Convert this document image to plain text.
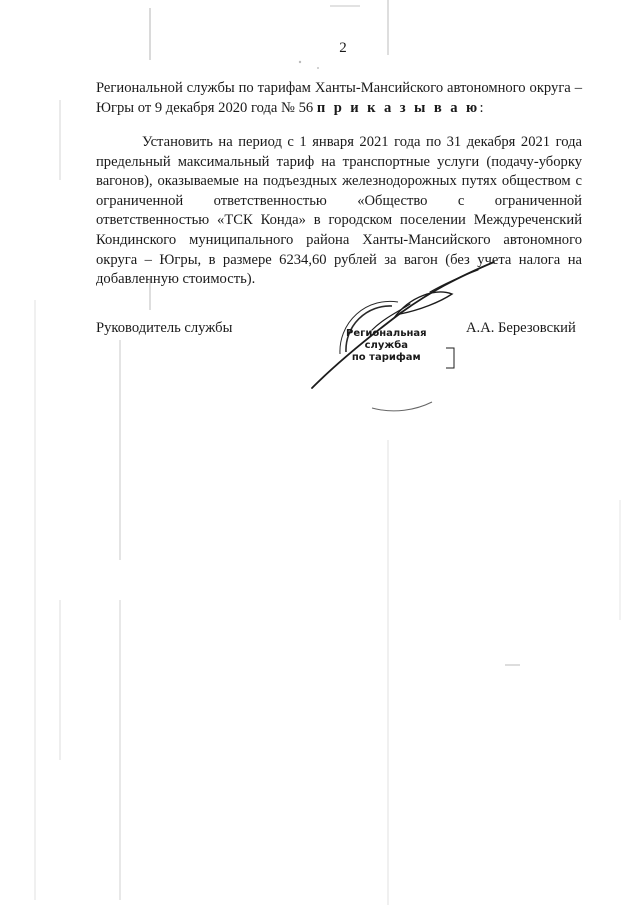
2

Региональной службы по тарифам Ханты-Мансийского автономного округа – Югры от 9 декабря 2020 года № 56 п р и к а з ы в а ю:

Установить на период с 1 января 2021 года по 31 декабря 2021 года предельный максимальный тариф на транспортные услуги (подачу-уборку вагонов), оказываемые на подъездных железнодорожных путях обществом с ограниченной ответственностью «Общество с ограниченной ответственностью «ТСК Конда» в городском поселении Междуреченский Кондинского муниципального района Ханты-Мансийского автономного округа – Югры, в размере 6234,60 рублей за вагон (без учета налога на добавленную стоимость).

Руководитель службы	А.А. Березовский
Региональная
служба
по тарифам
